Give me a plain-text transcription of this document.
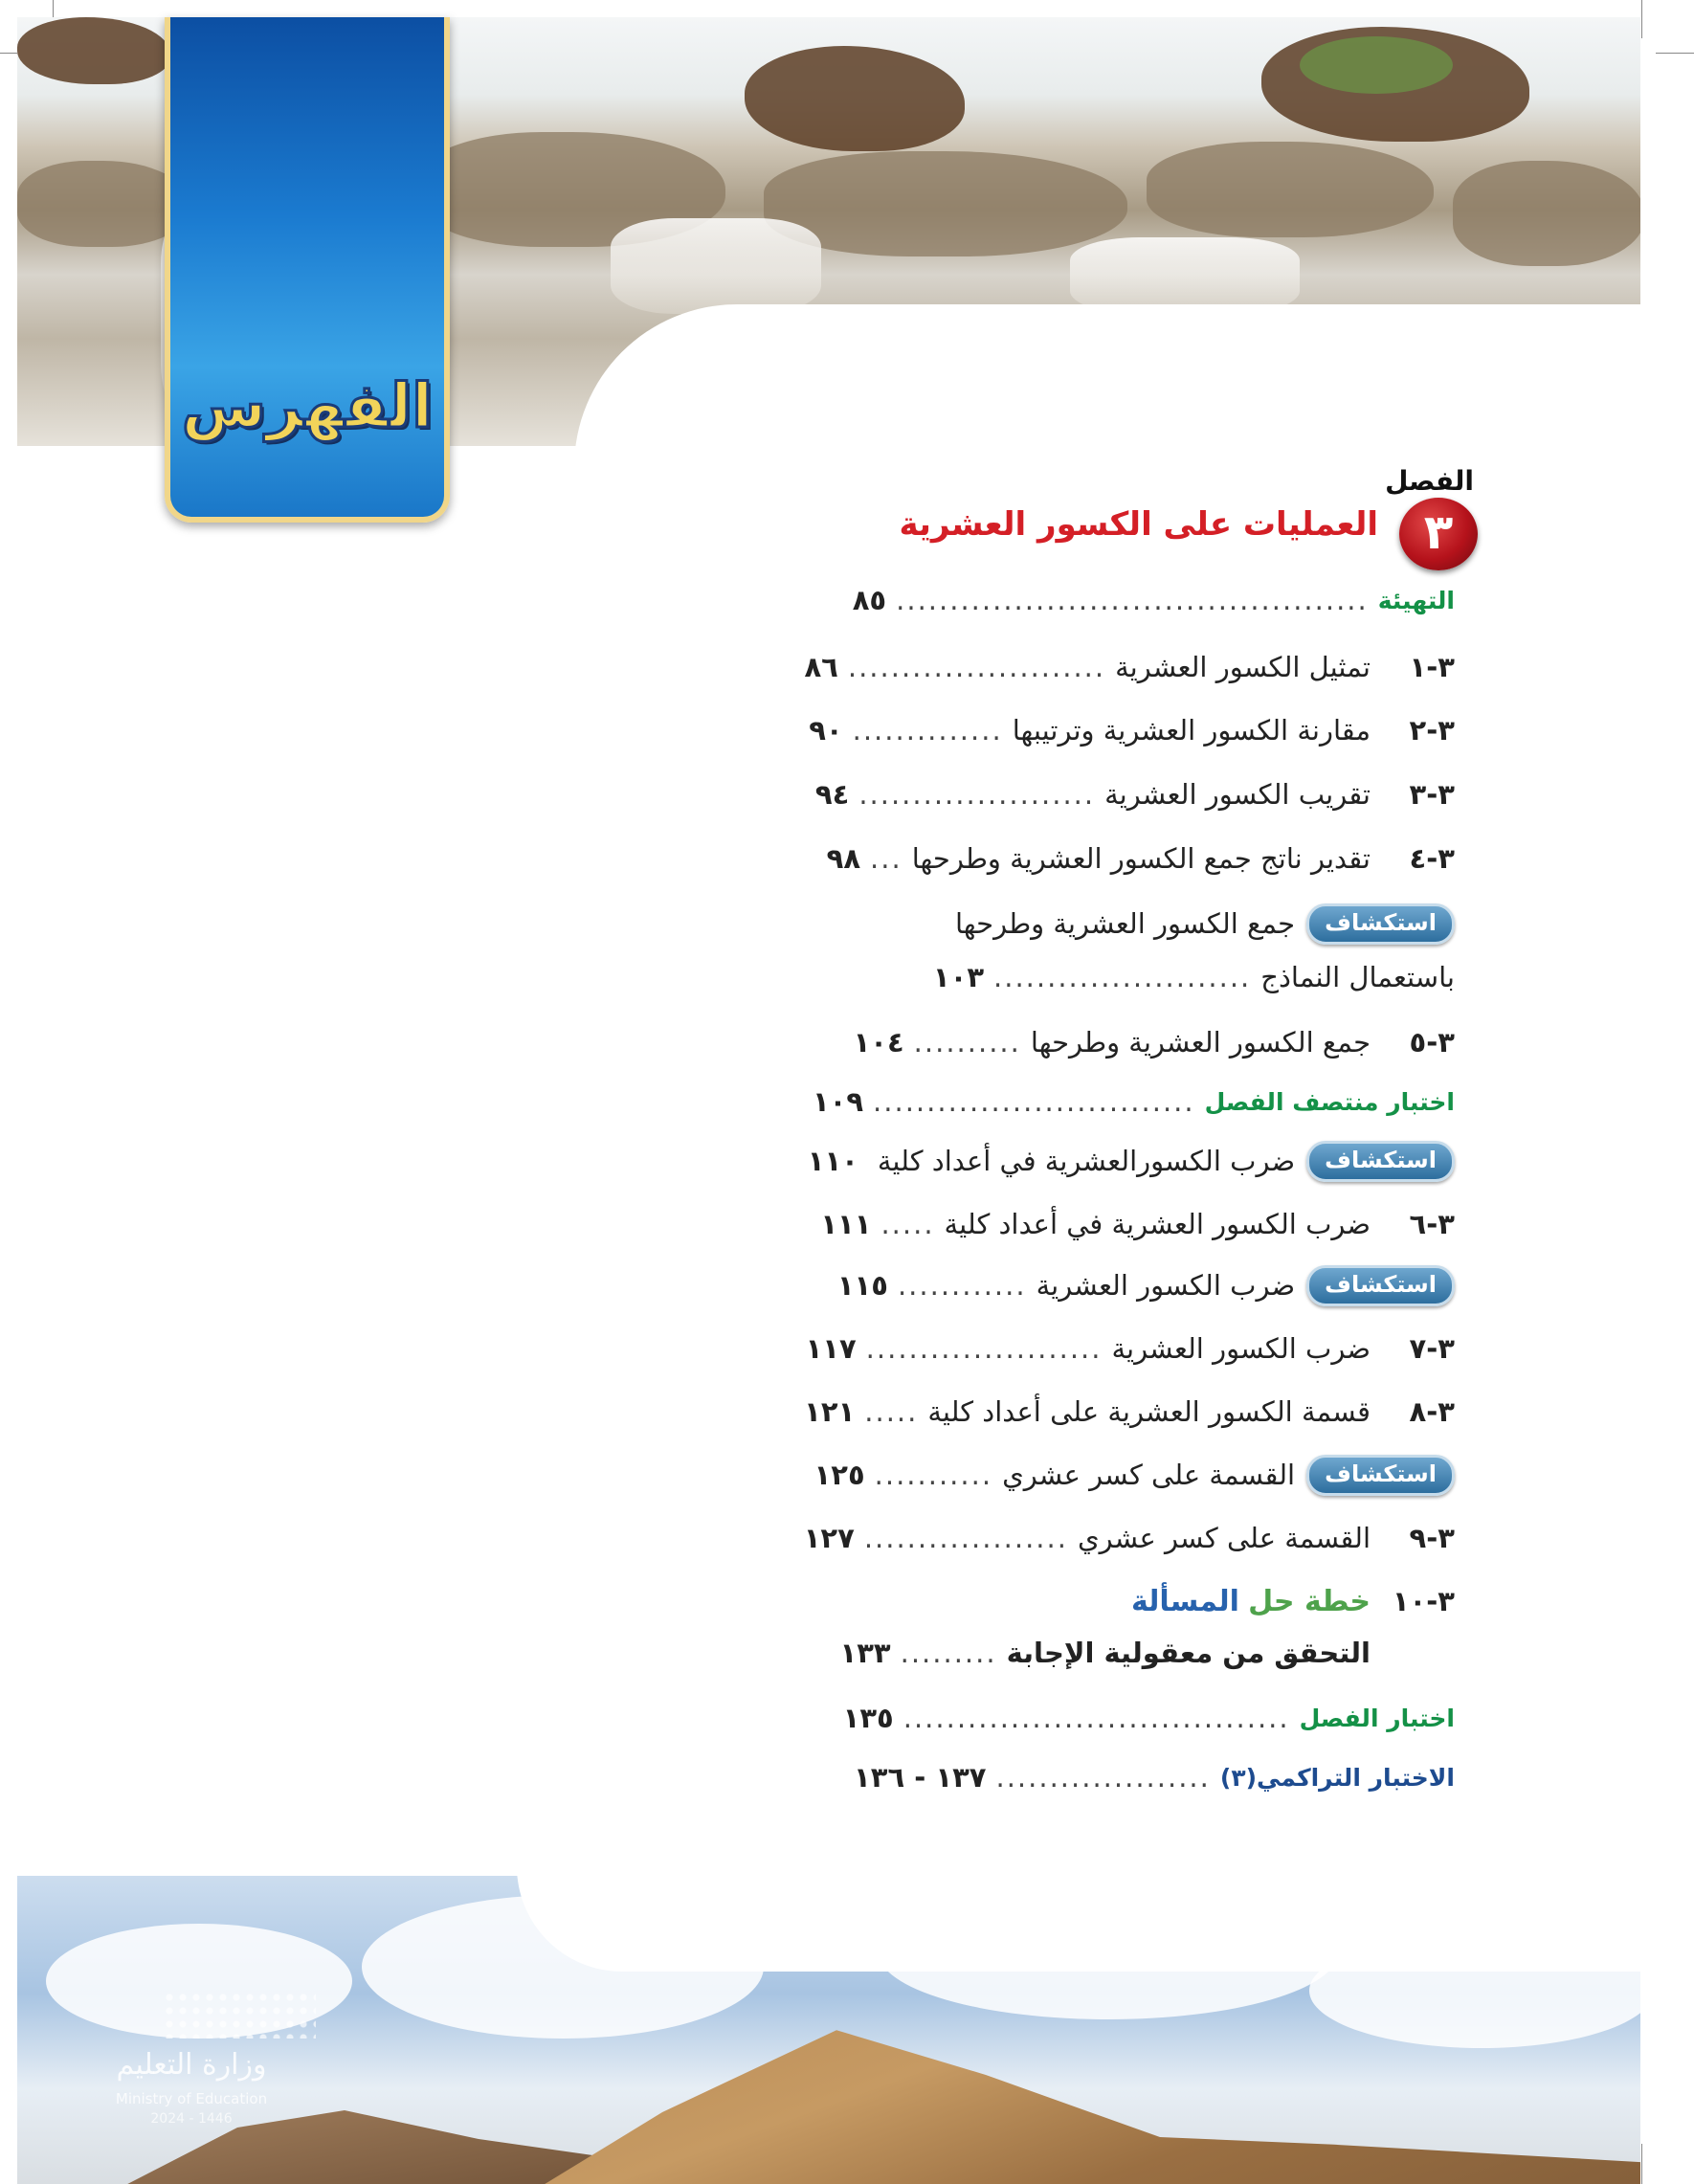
وزارة التعليم
Ministry of Education
2024 - 1446
الفهرس
الفصل
٣
العمليات على الكسور العشرية
التهيئة
............................................
٨٥
٣-١
تمثيل الكسور العشرية
........................
٨٦
٣-٢
مقارنة الكسور العشرية وترتيبها
..............
٩٠
٣-٣
تقريب الكسور العشرية
......................
٩٤
٣-٤
تقدير ناتج جمع الكسور العشرية وطرحها
...
٩٨
استكشاف
جمع الكسور العشرية وطرحها
باستعمال النماذج
........................
١٠٣
٣-٥
جمع الكسور العشرية وطرحها
..........
١٠٤
اختبار منتصف الفصل
..............................
١٠٩
استكشاف
ضرب الكسورالعشرية في أعداد كلية
١١٠
٣-٦
ضرب الكسور العشرية في أعداد كلية
.....
١١١
استكشاف
ضرب الكسور العشرية
............
١١٥
٣-٧
ضرب الكسور العشرية
......................
١١٧
٣-٨
قسمة الكسور العشرية على أعداد كلية
.....
١٢١
استكشاف
القسمة على كسر عشري
...........
١٢٥
٣-٩
القسمة على كسر عشري
...................
١٢٧
٣-١٠
خطة حل

المسألة
التحقق من معقولية الإجابة
.........
١٣٣
اختبار الفصل
....................................
١٣٥
الاختبار التراكمي
(٣)
....................
١٣٧ - ١٣٦
